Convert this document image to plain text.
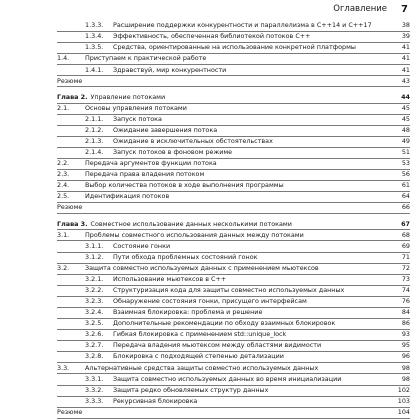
Оглавление 7
1.3.3.	Расширение поддержки конкурентности и параллелизма в C++14 и C++17	38
1.3.4.	Эффективность, обеспеченная библиотекой потоков C++	39
1.3.5.	Средства, ориентированные на использование конкретной платформы	41
1.4.	Приступаем к практической работе	41
1.4.1.	Здравствуй, мир конкурентности	41
Резюме	43
Глава 2. Управление потоками	44
2.1.	Основы управления потоками	45
2.1.1.	Запуск потока	45
2.1.2.	Ожидание завершения потока	48
2.1.3.	Ожидание в исключительных обстоятельствах	49
2.1.4.	Запуск потоков в фоновом режиме	51
2.2.	Передача аргументов функции потока	53
2.3.	Передача права владения потоком	56
2.4.	Выбор количества потоков в ходе выполнения программы	61
2.5.	Идентификация потоков	64
Резюме	66
Глава 3. Совместное использование данных несколькими потоками	67
3.1.	Проблемы совместного использования данных между потоками	68
3.1.1.	Состояние гонки	69
3.1.2.	Пути обхода проблемных состояний гонок	71
3.2.	Защита совместно используемых данных с применением мьютексов	72
3.2.1.	Использование мьютексов в C++	73
3.2.2.	Структуризация кода для защиты совместно используемых данных	74
3.2.3.	Обнаружение состояния гонки, присущего интерфейсам	76
3.2.4.	Взаимная блокировка: проблема и решение	84
3.2.5.	Дополнительные рекомендации по обходу взаимных блокировок	86
3.2.6.	Гибкая блокировка с применением std::unique_lock	93
3.2.7.	Передача владения мьютексом между областями видимости	95
3.2.8.	Блокировка с подходящей степенью детализации	96
3.3.	Альтернативные средства защиты совместно используемых данных	98
3.3.1.	Защита совместно используемых данных во время инициализации	98
3.3.2.	Защита редко обновляемых структур данных	102
3.3.3.	Рекурсивная блокировка	103
Резюме	104
